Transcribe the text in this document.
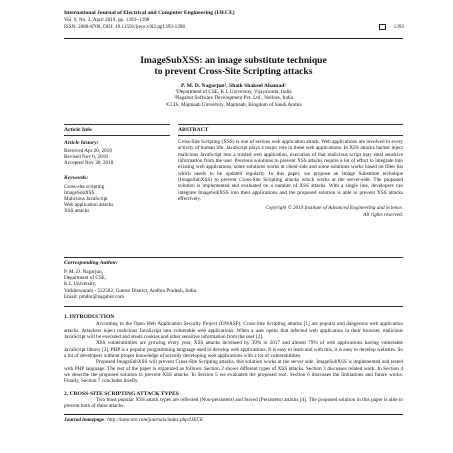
International Journal of Electrical and Computer Engineering (IJECE)
Vol. 9, No. 2, April 2019, pp. 1393~1398
ISSN: 2088-8708, DOI: 10.11591/ijece.v9i2.pp1393-1398	1393
ImageSubXSS: an image substitute technique
to prevent Cross-Site Scripting attacks
P. M. D. Nagarjun¹, Shaik Shakeel Ahamad²
¹Department of CSE, K L University, Vijayawada, India
²Nagabot Software Development Pvt. Ltd., Nellore, India
²CCIS, Majmaah University, Majmaah, Kingdom of Saudi Arabia
Article Info
Article history:
Received Apr 20, 2018
Revised Nov 6, 2018
Accepted Nov 30, 2018
Keywords:
Cross-site scripting
ImageSubXSS
Malicious JavaScript
Web application attacks
XSS attacks
ABSTRACT
Cross-Site Scripting (XSS) is one of serious web application attack. Web applications are involved in every activity of human life. JavaScript plays a major role in these web applications. In XSS attacks hacker inject malicious JavaScript into a trusted web application, execution of that malicious script may steal sensitive information from the user. Previous solutions to prevent XSS attacks require a lot of effort to integrate into existing web applications, some solutions works at client-side and some solutions works based on filter list which needs to be updated regularly. In this paper, we propose an Image Substitute technique (ImageSubXSS) to prevent Cross-Site Scripting attacks which works at the server-side. The proposed solution is implemented and evaluated on a number of XSS attacks. With a single line, developers can integrate ImageSubXSS into their applications and the proposed solution is able to prevent XSS attacks effectively.
Copyright © 2019 Institute of Advanced Engineering and Science.
All rights reserved.
Corresponding Author:
P. M. D. Nagarjun,
Department of CSE,
K L University,
Vaddeswaram - 522502, Guntur District, Andhra Pradesh, India.
Email: pmdnr@nagabot.com
1. INTRODUCTION

According to the Open Web Application Security Project (OWASP), Cross-Site Scripting attacks [1] are popular and dangerous web application attacks. Attackers inject malicious JavaScript into vulnerable web applications. When a user opens that infected web application in their browser, malicious JavaScript will be executed and steals cookies and other sensitive information from the user [2].

XSS vulnerabilities are growing every year, XSS attacks increased by 39% in 2017 and almost 79% of web applications having vulnerable JavaScript library [3]. PHP is a popular programming language used to develop web applications. It is easy to learn and with this, it is easy to develop websites. So a lot of developers without proper knowledge of security developing web applications with a lot of vulnerabilities.

Proposed ImageSubXSS will prevent Cross-Site Scripting attacks, this solution works at the server side. ImageSubXSS is implemented and tested with PHP language. The rest of the paper is organized as follows: Section 2 shows different types of XSS attacks. Section 3 discusses related work. In Section 4 we describe the proposed solution to prevent XSS attacks. In Section 5 we evaluated the proposed tool. Section 6 discusses the limitations and future works. Finally, Section 7 concludes briefly.

2. CROSS-SITE SCRIPTING ATTACK TYPES

Two most popular XSS attack types are reflected (Non-persistent) and Stored (Persistent) attacks [4]. The proposed solution in this paper is able to prevent both of these attacks.

Journal homepage: http://iaescore.com/journals/index.php/IJECE
